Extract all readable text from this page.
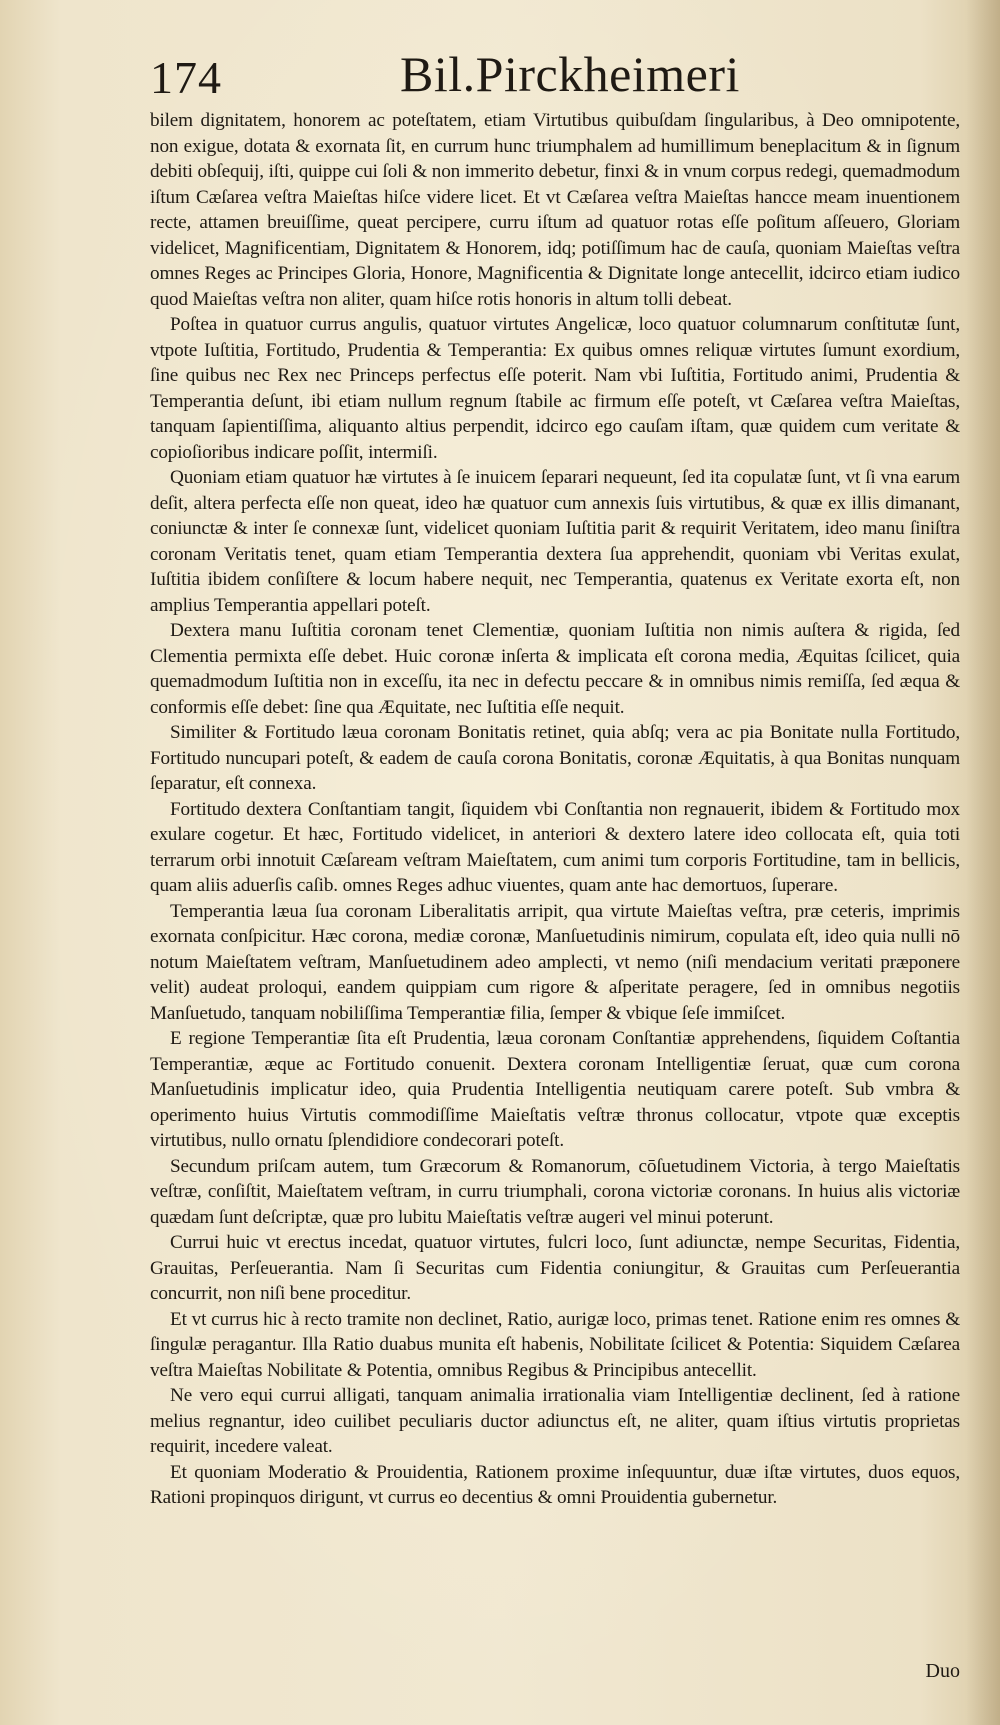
174	Bil.Pirckheimeri

bilem dignitatem, honorem ac poteſtatem, etiam Virtutibus quibuſdam ſingularibus, à Deo omnipotente, non exigue, dotata & exornata ſit, en currum hunc triumphalem ad humillimum beneplacitum & in ſignum debiti obſequij, iſti, quippe cui ſoli & non immerito debetur, finxi & in vnum corpus redegi, quemadmodum iſtum Cæſarea veſtra Maieſtas hiſce videre licet. Et vt Cæſarea veſtra Maieſtas hancce meam inuentionem recte, attamen breuiſſime, queat percipere, curru iſtum ad quatuor rotas eſſe poſitum aſſeuero, Gloriam videlicet, Magnificentiam, Dignitatem & Honorem, idq; potiſſimum hac de cauſa, quoniam Maieſtas veſtra omnes Reges ac Principes Gloria, Honore, Magnificentia & Dignitate longe antecellit, idcirco etiam iudico quod Maieſtas veſtra non aliter, quam hiſce rotis honoris in altum tolli debeat.

Poſtea in quatuor currus angulis, quatuor virtutes Angelicæ, loco quatuor columnarum conſtitutæ ſunt, vtpote Iuſtitia, Fortitudo, Prudentia & Temperantia: Ex quibus omnes reliquæ virtutes ſumunt exordium, ſine quibus nec Rex nec Princeps perfectus eſſe poterit. Nam vbi Iuſtitia, Fortitudo animi, Prudentia & Temperantia deſunt, ibi etiam nullum regnum ſtabile ac firmum eſſe poteſt, vt Cæſarea veſtra Maieſtas, tanquam ſapientiſſima, aliquanto altius perpendit, idcirco ego cauſam iſtam, quæ quidem cum veritate & copioſioribus indicare poſſit, intermiſi.

Quoniam etiam quatuor hæ virtutes à ſe inuicem ſeparari nequeunt, ſed ita copulatæ ſunt, vt ſi vna earum deſit, altera perfecta eſſe non queat, ideo hæ quatuor cum annexis ſuis virtutibus, & quæ ex illis dimanant, coniunctæ & inter ſe connexæ ſunt, videlicet quoniam Iuſtitia parit & requirit Veritatem, ideo manu ſiniſtra coronam Veritatis tenet, quam etiam Temperantia dextera ſua apprehendit, quoniam vbi Veritas exulat, Iuſtitia ibidem conſiſtere & locum habere nequit, nec Temperantia, quatenus ex Veritate exorta eſt, non amplius Temperantia appellari poteſt.

Dextera manu Iuſtitia coronam tenet Clementiæ, quoniam Iuſtitia non nimis auſtera & rigida, ſed Clementia permixta eſſe debet. Huic coronæ inſerta & implicata eſt corona media, Æquitas ſcilicet, quia quemadmodum Iuſtitia non in exceſſu, ita nec in defectu peccare & in omnibus nimis remiſſa, ſed æqua & conformis eſſe debet: ſine qua Æquitate, nec Iuſtitia eſſe nequit.

Similiter & Fortitudo læua coronam Bonitatis retinet, quia abſq; vera ac pia Bonitate nulla Fortitudo, Fortitudo nuncupari poteſt, & eadem de cauſa corona Bonitatis, coronæ Æquitatis, à qua Bonitas nunquam ſeparatur, eſt connexa.

Fortitudo dextera Conſtantiam tangit, ſiquidem vbi Conſtantia non regnauerit, ibidem & Fortitudo mox exulare cogetur. Et hæc, Fortitudo videlicet, in anteriori & dextero latere ideo collocata eſt, quia toti terrarum orbi innotuit Cæſaream veſtram Maieſtatem, cum animi tum corporis Fortitudine, tam in bellicis, quam aliis aduerſis caſib. omnes Reges adhuc viuentes, quam ante hac demortuos, ſuperare.

Temperantia læua ſua coronam Liberalitatis arripit, qua virtute Maieſtas veſtra, præ ceteris, imprimis exornata conſpicitur. Hæc corona, mediæ coronæ, Manſuetudinis nimirum, copulata eſt, ideo quia nulli nō notum Maieſtatem veſtram, Manſuetudinem adeo amplecti, vt nemo (niſi mendacium veritati præponere velit) audeat proloqui, eandem quippiam cum rigore & aſperitate peragere, ſed in omnibus negotiis Manſuetudo, tanquam nobiliſſima Temperantiæ filia, ſemper & vbique ſeſe immiſcet.

E regione Temperantiæ ſita eſt Prudentia, læua coronam Conſtantiæ apprehendens, ſiquidem Coſtantia Temperantiæ, æque ac Fortitudo conuenit. Dextera coronam Intelligentiæ ſeruat, quæ cum corona Manſuetudinis implicatur ideo, quia Prudentia Intelligentia neutiquam carere poteſt. Sub vmbra & operimento huius Virtutis commodiſſime Maieſtatis veſtræ thronus collocatur, vtpote quæ exceptis virtutibus, nullo ornatu ſplendidiore condecorari poteſt.

Secundum priſcam autem, tum Græcorum & Romanorum, cōſuetudinem Victoria, à tergo Maieſtatis veſtræ, conſiſtit, Maieſtatem veſtram, in curru triumphali, corona victoriæ coronans. In huius alis victoriæ quædam ſunt deſcriptæ, quæ pro lubitu Maieſtatis veſtræ augeri vel minui poterunt.

Currui huic vt erectus incedat, quatuor virtutes, fulcri loco, ſunt adiunctæ, nempe Securitas, Fidentia, Grauitas, Perſeuerantia. Nam ſi Securitas cum Fidentia coniungitur, & Grauitas cum Perſeuerantia concurrit, non niſi bene proceditur.

Et vt currus hic à recto tramite non declinet, Ratio, aurigæ loco, primas tenet. Ratione enim res omnes & ſingulæ peragantur. Illa Ratio duabus munita eſt habenis, Nobilitate ſcilicet & Potentia: Siquidem Cæſarea veſtra Maieſtas Nobilitate & Potentia, omnibus Regibus & Principibus antecellit.

Ne vero equi currui alligati, tanquam animalia irrationalia viam Intelligentiæ declinent, ſed à ratione melius regnantur, ideo cuilibet peculiaris ductor adiunctus eſt, ne aliter, quam iſtius virtutis proprietas requirit, incedere valeat.

Et quoniam Moderatio & Prouidentia, Rationem proxime inſequuntur, duæ iſtæ virtutes, duos equos, Rationi propinquos dirigunt, vt currus eo decentius & omni Prouidentia gubernetur.

Duo
